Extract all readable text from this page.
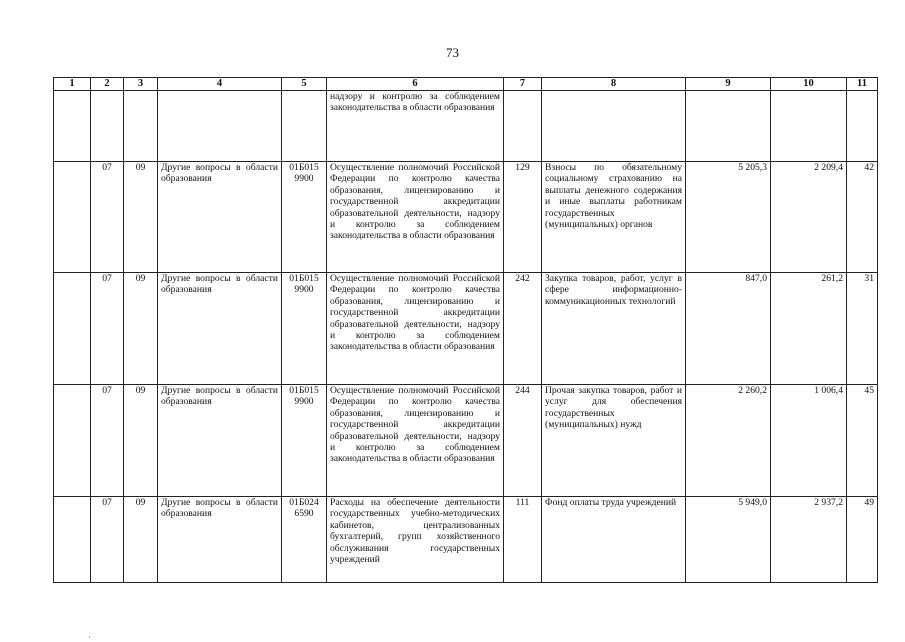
73
1	2	3	4	5	6	7	8	9	10	11
					надзору и контролю за соблюдением законодательства в области образования					
	07	09	Другие вопросы в области образования	01Б015 9900	Осуществление полномочий Российской Федерации по контролю качества образования, лицензированию и государственной аккредитации образовательной деятельности, надзору и контролю за соблюдением законодательства в области образования	129	Взносы по обязательному социальному страхованию на выплаты денежного содержания и иные выплаты работникам государственных (муниципальных) органов	5 205,3	2 209,4	42
	07	09	Другие вопросы в области образования	01Б015 9900	Осуществление полномочий Российской Федерации по контролю качества образования, лицензированию и государственной аккредитации образовательной деятельности, надзору и контролю за соблюдением законодательства в области образования	242	Закупка товаров, работ, услуг в сфере информационно-коммуникационных технологий	847,0	261,2	31
	07	09	Другие вопросы в области образования	01Б015 9900	Осуществление полномочий Российской Федерации по контролю качества образования, лицензированию и государственной аккредитации образовательной деятельности, надзору и контролю за соблюдением законодательства в области образования	244	Прочая закупка товаров, работ и услуг для обеспечения государственных (муниципальных) нужд	2 260,2	1 006,4	45
	07	09	Другие вопросы в области образования	01Б024 6590	Расходы на обеспечение деятельности государственных учебно-методических кабинетов, централизованных бухгалтерий, групп хозяйственного обслуживания государственных учреждений	111	Фонд оплаты труда учреждений	5 949,0	2 937,2	49
·
